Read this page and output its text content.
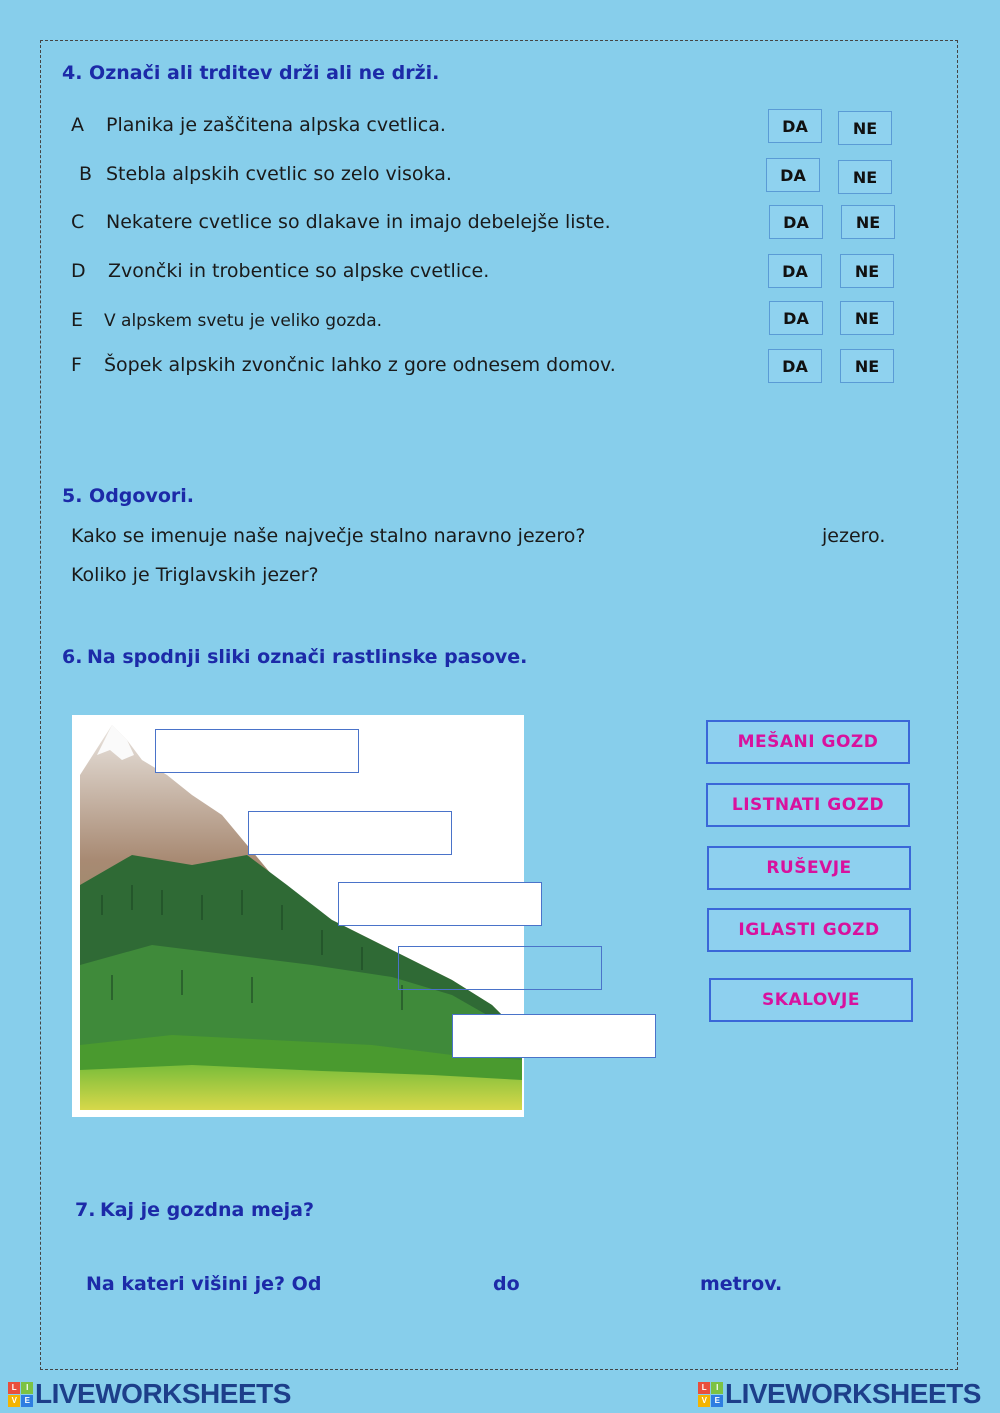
4. Označi ali trditev drži ali ne drži.
A Planika je zaščitena alpska cvetlica.	DA	NE
B Stebla alpskih cvetlic so zelo visoka.	DA	NE
C Nekatere cvetlice so dlakave in imajo debelejše liste.	DA	NE
D Zvončki in trobentice so alpske cvetlice.	DA	NE
E V alpskem svetu je veliko gozda.	DA	NE
F Šopek alpskih zvončnic lahko z gore odnesem domov.	DA	NE
5. Odgovori.
Kako se imenuje naše največje stalno naravno jezero?	jezero.
Koliko je Triglavskih jezer?
6. Na spodnji sliki označi rastlinske pasove.
MEŠANI GOZD
LISTNATI GOZD
RUŠEVJE
IGLASTI GOZD
SKALOVJE
7. Kaj je gozdna meja?
Na kateri višini je? Od	do	metrov.
L	I
V	E LIVEWORKSHEETS	L	I
V	E LIVEWORKSHEETS
